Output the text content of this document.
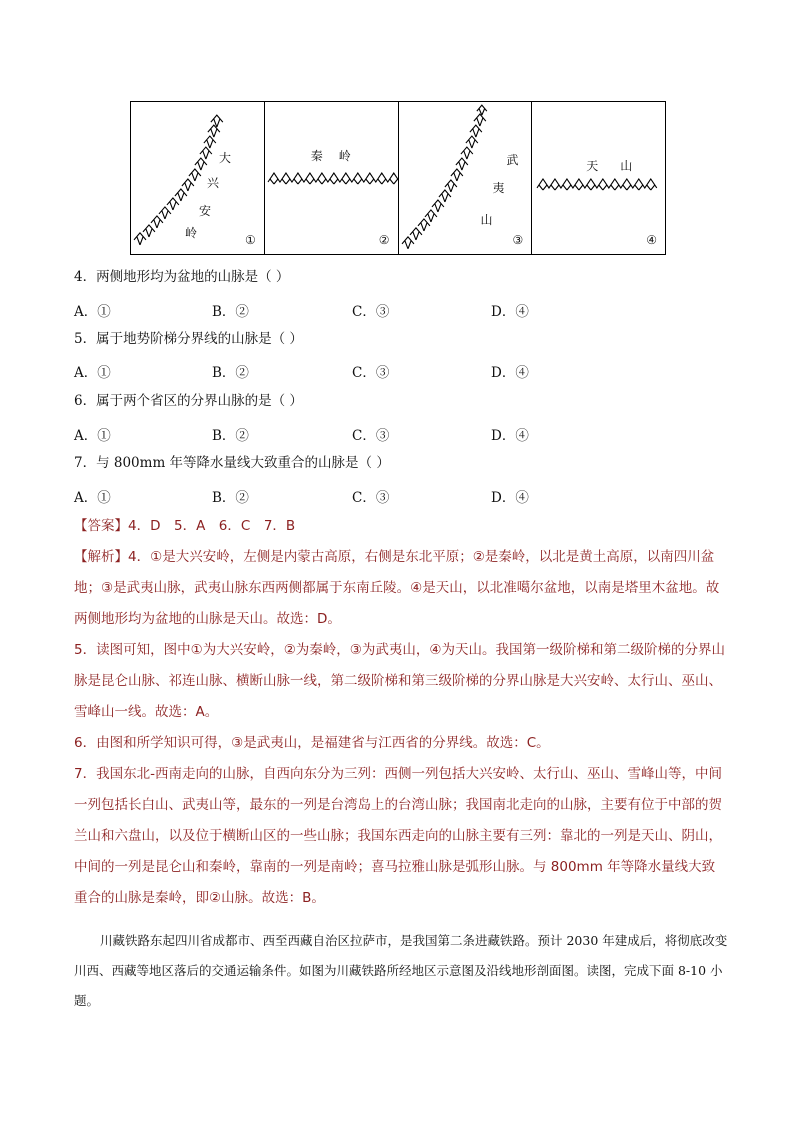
大
兴
安
岭	①
秦 岭
②
武
夷
山
③
天 山
④
4．两侧地形均为盆地的山脉是（ ）
A．①	B．②	C．③	D．④
5．属于地势阶梯分界线的山脉是（ ）
A．①	B．②	C．③	D．④
6．属于两个省区的分界山脉的是（ ）
A．①	B．②	C．③	D．④
7．与 800mm 年等降水量线大致重合的山脉是（ ）
A．①	B．②	C．③	D．④

【答案】4．D　5．A　6．C　7．B

【解析】4．①是大兴安岭，左侧是内蒙古高原，右侧是东北平原；②是秦岭，以北是黄土高原，以南四川盆地；③是武夷山脉，武夷山脉东西两侧都属于东南丘陵。④是天山，以北准噶尔盆地，以南是塔里木盆地。故两侧地形均为盆地的山脉是天山。故选：D。

5．读图可知，图中①为大兴安岭，②为秦岭，③为武夷山，④为天山。我国第一级阶梯和第二级阶梯的分界山脉是昆仑山脉、祁连山脉、横断山脉一线，第二级阶梯和第三级阶梯的分界山脉是大兴安岭、太行山、巫山、雪峰山一线。故选：A。

6．由图和所学知识可得，③是武夷山，是福建省与江西省的分界线。故选：C。

7．我国东北-西南走向的山脉，自西向东分为三列：西侧一列包括大兴安岭、太行山、巫山、雪峰山等，中间一列包括长白山、武夷山等，最东的一列是台湾岛上的台湾山脉；我国南北走向的山脉，主要有位于中部的贺兰山和六盘山，以及位于横断山区的一些山脉；我国东西走向的山脉主要有三列：靠北的一列是天山、阴山，中间的一列是昆仑山和秦岭，靠南的一列是南岭；喜马拉雅山脉是弧形山脉。与 800mm 年等降水量线大致重合的山脉是秦岭，即②山脉。故选：B。

川藏铁路东起四川省成都市、西至西藏自治区拉萨市，是我国第二条进藏铁路。预计 2030 年建成后，将彻底改变川西、西藏等地区落后的交通运输条件。如图为川藏铁路所经地区示意图及沿线地形剖面图。读图，完成下面 8-10 小题。
